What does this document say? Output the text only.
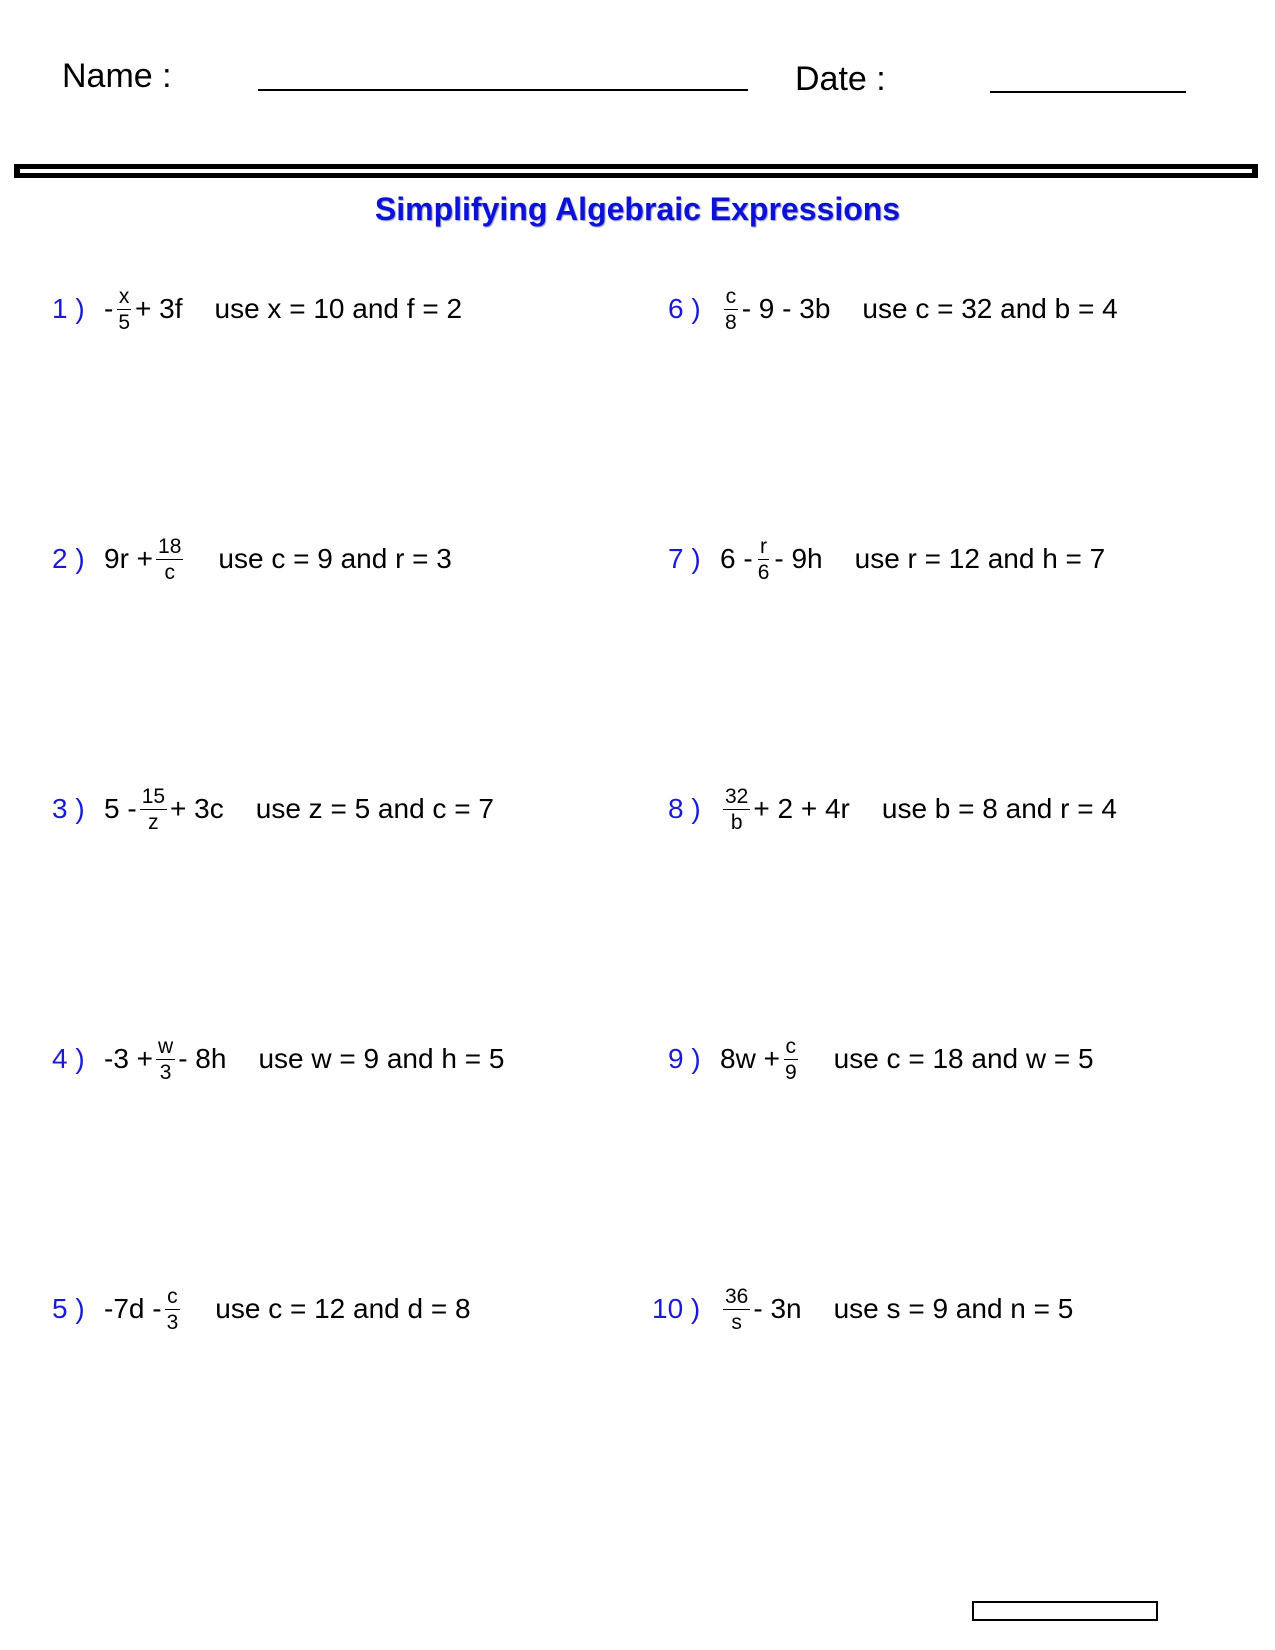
Name :	Date :
Simplifying Algebraic Expressions
1 ) - $\frac{x}{5} + 3f$ use x = 10 and f = 2
2 ) $9r + \frac{18}{c}$ use c = 9 and r = 3
3 ) $5 - \frac{15}{z} + 3c$ use z = 5 and c = 7
4 ) $-3 + \frac{w}{3} - 8h$ use w = 9 and h = 5
5 ) $-7d - \frac{c}{3}$ use c = 12 and d = 8
6 )	$\frac{c}{8} - 9 - 3b$ use c = 32 and b = 4
7 ) $6 - \frac{r}{6} - 9h$ use r = 12 and h = 7
8 )	$\frac{32}{b} + 2 + 4r$ use b = 8 and r = 4
9 ) $8w + \frac{c}{9}$ use c = 18 and w = 5
10 )	$\frac{36}{s} - 3n$ use s = 9 and n = 5
